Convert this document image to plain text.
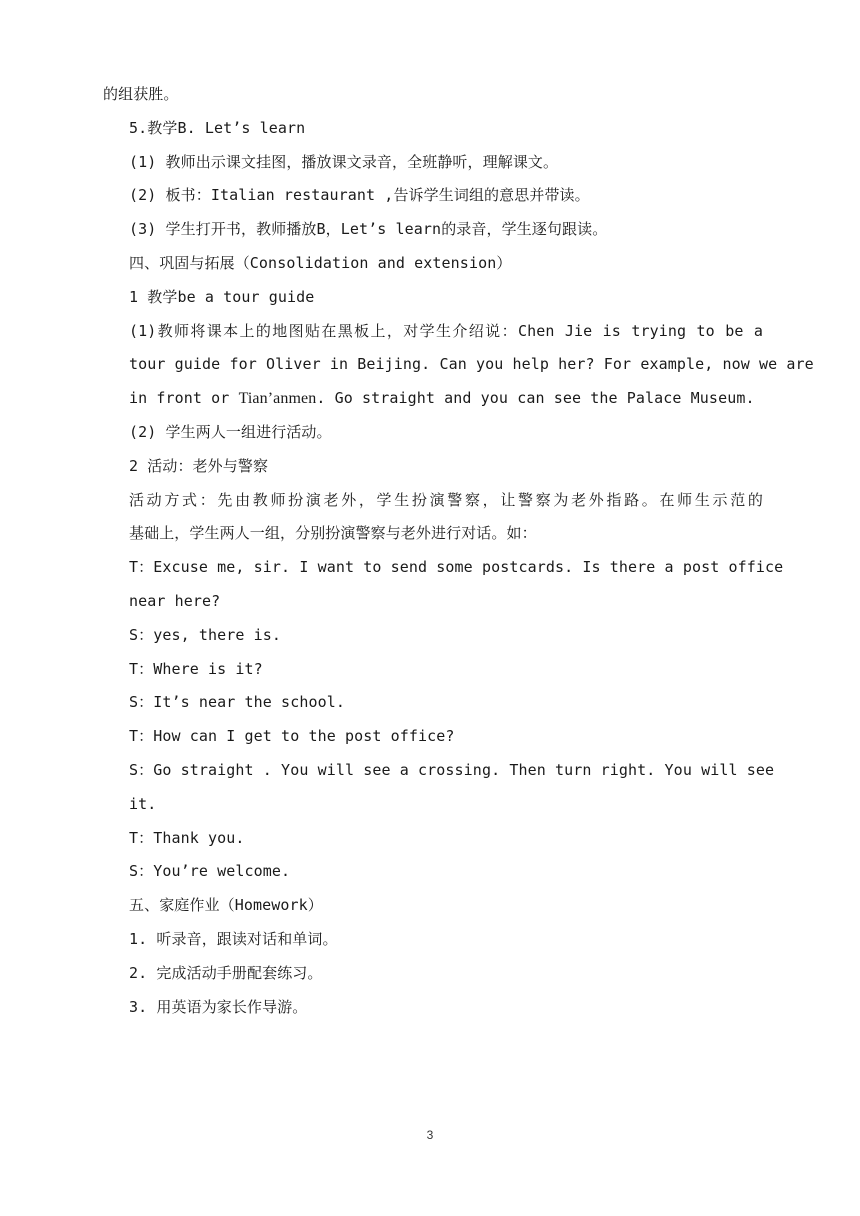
的组获胜。
5.教学B. Let’s learn
(1) 教师出示课文挂图，播放课文录音，全班静听，理解课文。
(2) 板书：Italian restaurant ,告诉学生词组的意思并带读。
(3) 学生打开书，教师播放B，Let’s learn的录音，学生逐句跟读。
四、巩固与拓展（Consolidation and extension）
1 教学be a tour guide
(1)教师将课本上的地图贴在黑板上，对学生介绍说：Chen Jie is trying to be a
tour guide for Oliver in Beijing. Can you help her? For example, now we are
in front or Tian’anmen. Go straight and you can see the Palace Museum.
(2) 学生两人一组进行活动。
2 活动：老外与警察
活动方式：先由教师扮演老外，学生扮演警察，让警察为老外指路。在师生示范的
基础上，学生两人一组，分别扮演警察与老外进行对话。如：
T：Excuse me, sir. I want to send some postcards. Is there a post office
near here?
S：yes, there is.
T：Where is it?
S：It’s near the school.
T：How can I get to the post office?
S：Go straight . You will see a crossing. Then turn right. You will see
it.
T：Thank you.
S：You’re welcome.
五、家庭作业（Homework）
1. 听录音，跟读对话和单词。
2. 完成活动手册配套练习。
3. 用英语为家长作导游。
3
